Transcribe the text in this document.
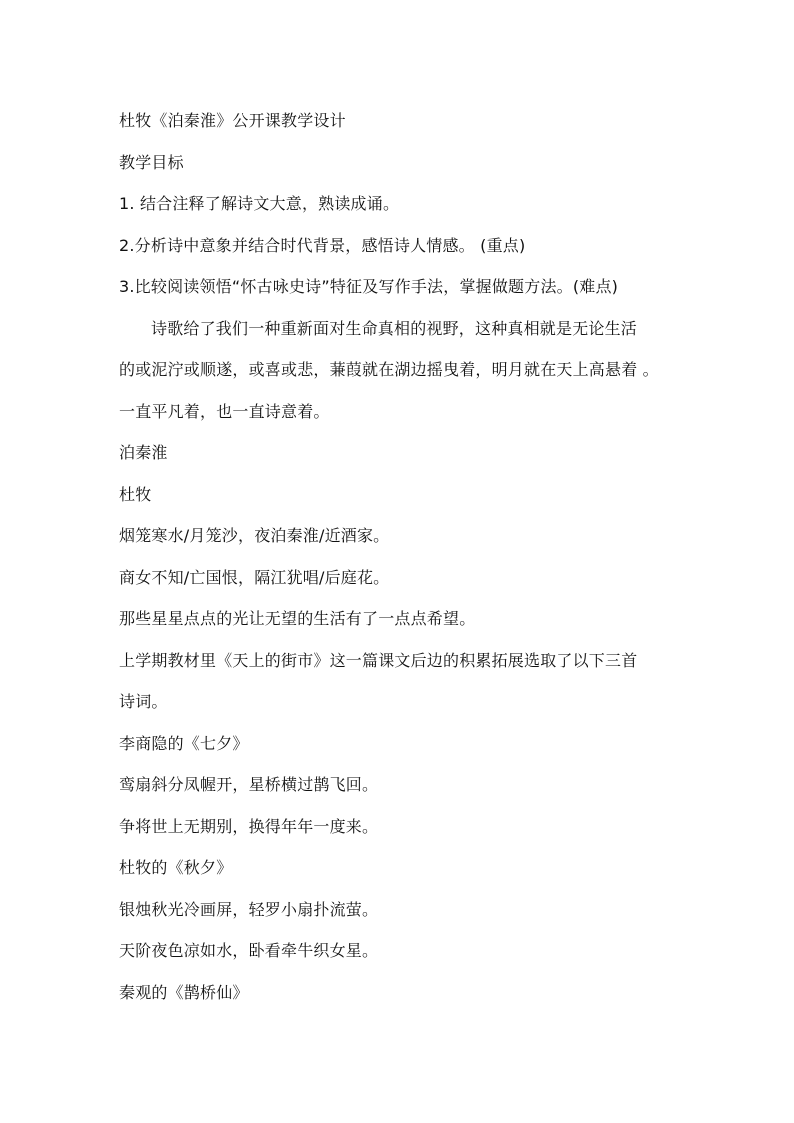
杜牧《泊秦淮》公开课教学设计
教学目标
1. 结合注释了解诗文大意，熟读成诵。
2.分析诗中意象并结合时代背景，感悟诗人情感。 (重点)
3.比较阅读领悟“怀古咏史诗”特征及写作手法，掌握做题方法。(难点)
诗歌给了我们一种重新面对生命真相的视野，这种真相就是无论生活
的或泥泞或顺遂，或喜或悲，蒹葭就在湖边摇曳着，明月就在天上高悬着 。
一直平凡着，也一直诗意着。
泊秦淮
杜牧
烟笼寒水/月笼沙，夜泊秦淮/近酒家。
商女不知/亡国恨，隔江犹唱/后庭花。
那些星星点点的光让无望的生活有了一点点希望。
上学期教材里《天上的街市》这一篇课文后边的积累拓展选取了以下三首
诗词。
李商隐的《七夕》
鸾扇斜分凤幄开，星桥横过鹊飞回。
争将世上无期别，换得年年一度来。
杜牧的《秋夕》
银烛秋光冷画屏，轻罗小扇扑流萤。
天阶夜色凉如水，卧看牵牛织女星。
秦观的《鹊桥仙》
